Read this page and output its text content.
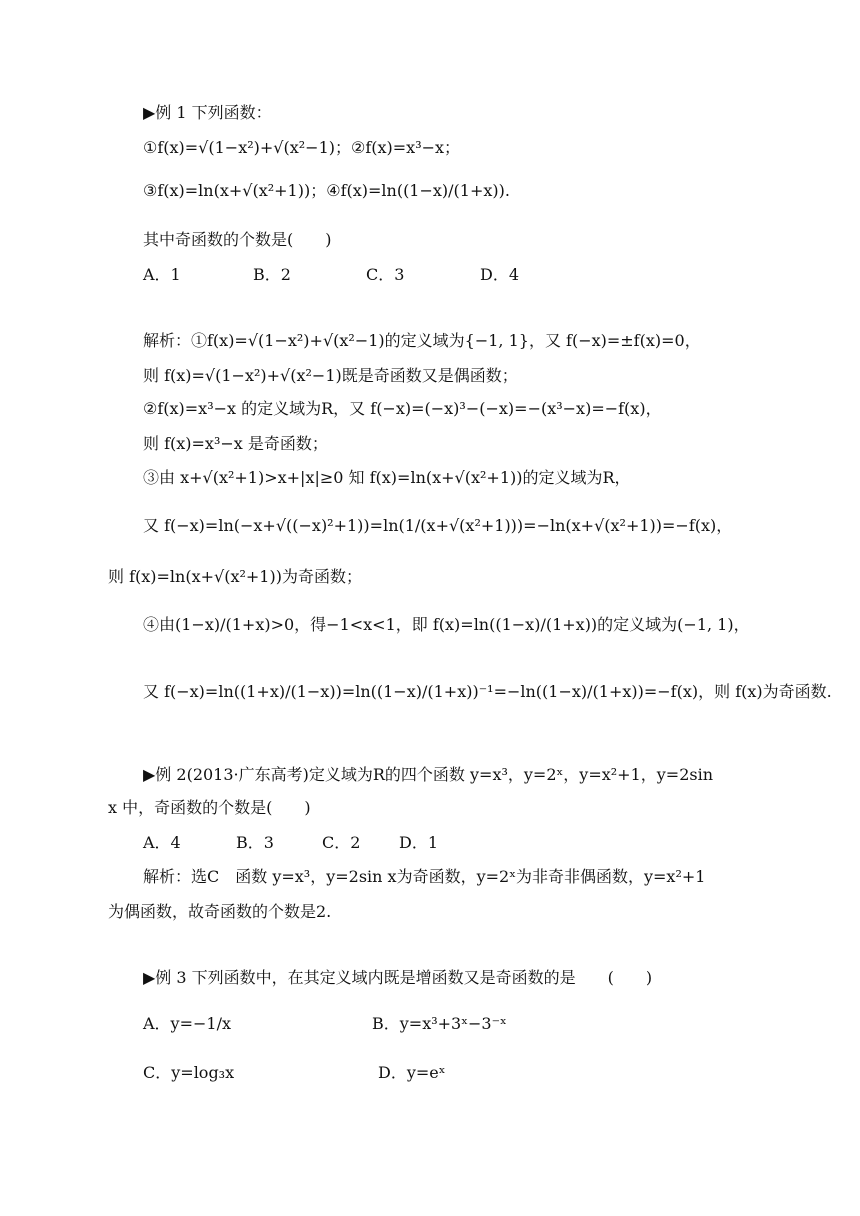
▶例 1 下列函数：
①f(x)=√(1−x²)+√(x²−1)；②f(x)=x³−x；
③f(x)=ln(x+√(x²+1))；④f(x)=ln((1−x)/(1+x)).
其中奇函数的个数是(　　)
A．1	B．2	C．3	D．4
解析：①f(x)=√(1−x²)+√(x²−1)的定义域为{−1, 1}，又 f(−x)=±f(x)=0，
则 f(x)=√(1−x²)+√(x²−1)既是奇函数又是偶函数；
②f(x)=x³−x 的定义域为R，又 f(−x)=(−x)³−(−x)=−(x³−x)=−f(x)，
则 f(x)=x³−x 是奇函数；
③由 x+√(x²+1)>x+|x|≥0 知 f(x)=ln(x+√(x²+1))的定义域为R，
又 f(−x)=ln(−x+√((−x)²+1))=ln(1/(x+√(x²+1)))=−ln(x+√(x²+1))=−f(x)，
则 f(x)=ln(x+√(x²+1))为奇函数；
④由(1−x)/(1+x)>0，得−1<x<1，即 f(x)=ln((1−x)/(1+x))的定义域为(−1, 1)，
又 f(−x)=ln((1+x)/(1−x))=ln((1−x)/(1+x))⁻¹=−ln((1−x)/(1+x))=−f(x)，则 f(x)为奇函数.
▶例 2(2013·广东高考)定义域为R的四个函数 y=x³，y=2ˣ，y=x²+1，y=2sin
x 中，奇函数的个数是(　　)
A．4	B．3	C．2 D．1
解析：选C　函数 y=x³，y=2sin x为奇函数，y=2ˣ为非奇非偶函数，y=x²+1
为偶函数，故奇函数的个数是2.
▶例 3 下列函数中，在其定义域内既是增函数又是奇函数的是　　(　　)
A．y=−1/x	B．y=x³+3ˣ−3⁻ˣ
C．y=log₃x	D．y=eˣ
